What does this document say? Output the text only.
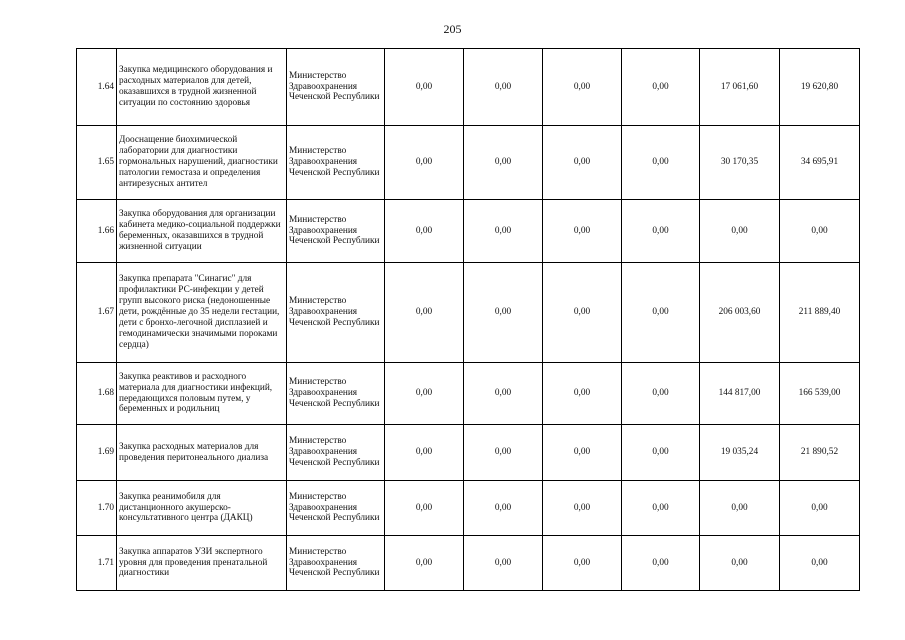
205
1.64	Закупка медицинского оборудования и расходных материалов для детей, оказавшихся в трудной жизненной ситуации по состоянию здоровья	Министерство Здравоохранения Чеченской Республики	0,00	0,00	0,00	0,00	17 061,60	19 620,80
1.65	Дооснащение биохимической лаборатории для диагностики гормональных нарушений, диагностики патологии гемостаза и определения антирезусных антител	Министерство Здравоохранения Чеченской Республики	0,00	0,00	0,00	0,00	30 170,35	34 695,91
1.66	Закупка оборудования для организации кабинета медико-социальной поддержки беременных, оказавшихся в трудной жизненной ситуации	Министерство Здравоохранения Чеченской Республики	0,00	0,00	0,00	0,00	0,00	0,00
1.67	Закупка препарата "Синагис" для профилактики РС-инфекции у детей групп высокого риска (недоношенные дети, рождённые до 35 недели гестации, дети с бронхо-легочной дисплазией и гемодинамически значимыми пороками сердца)	Министерство Здравоохранения Чеченской Республики	0,00	0,00	0,00	0,00	206 003,60	211 889,40
1.68	Закупка реактивов и расходного материала для диагностики инфекций, передающихся половым путем, у беременных и родильниц	Министерство Здравоохранения Чеченской Республики	0,00	0,00	0,00	0,00	144 817,00	166 539,00
1.69	Закупка расходных материалов для проведения перитонеального диализа	Министерство Здравоохранения Чеченской Республики	0,00	0,00	0,00	0,00	19 035,24	21 890,52
1.70	Закупка реанимобиля для дистанционного акушерско-консультативного центра (ДАКЦ)	Министерство Здравоохранения Чеченской Республики	0,00	0,00	0,00	0,00	0,00	0,00
1.71	Закупка аппаратов УЗИ экспертного уровня для проведения пренатальной диагностики	Министерство Здравоохранения Чеченской Республики	0,00	0,00	0,00	0,00	0,00	0,00
